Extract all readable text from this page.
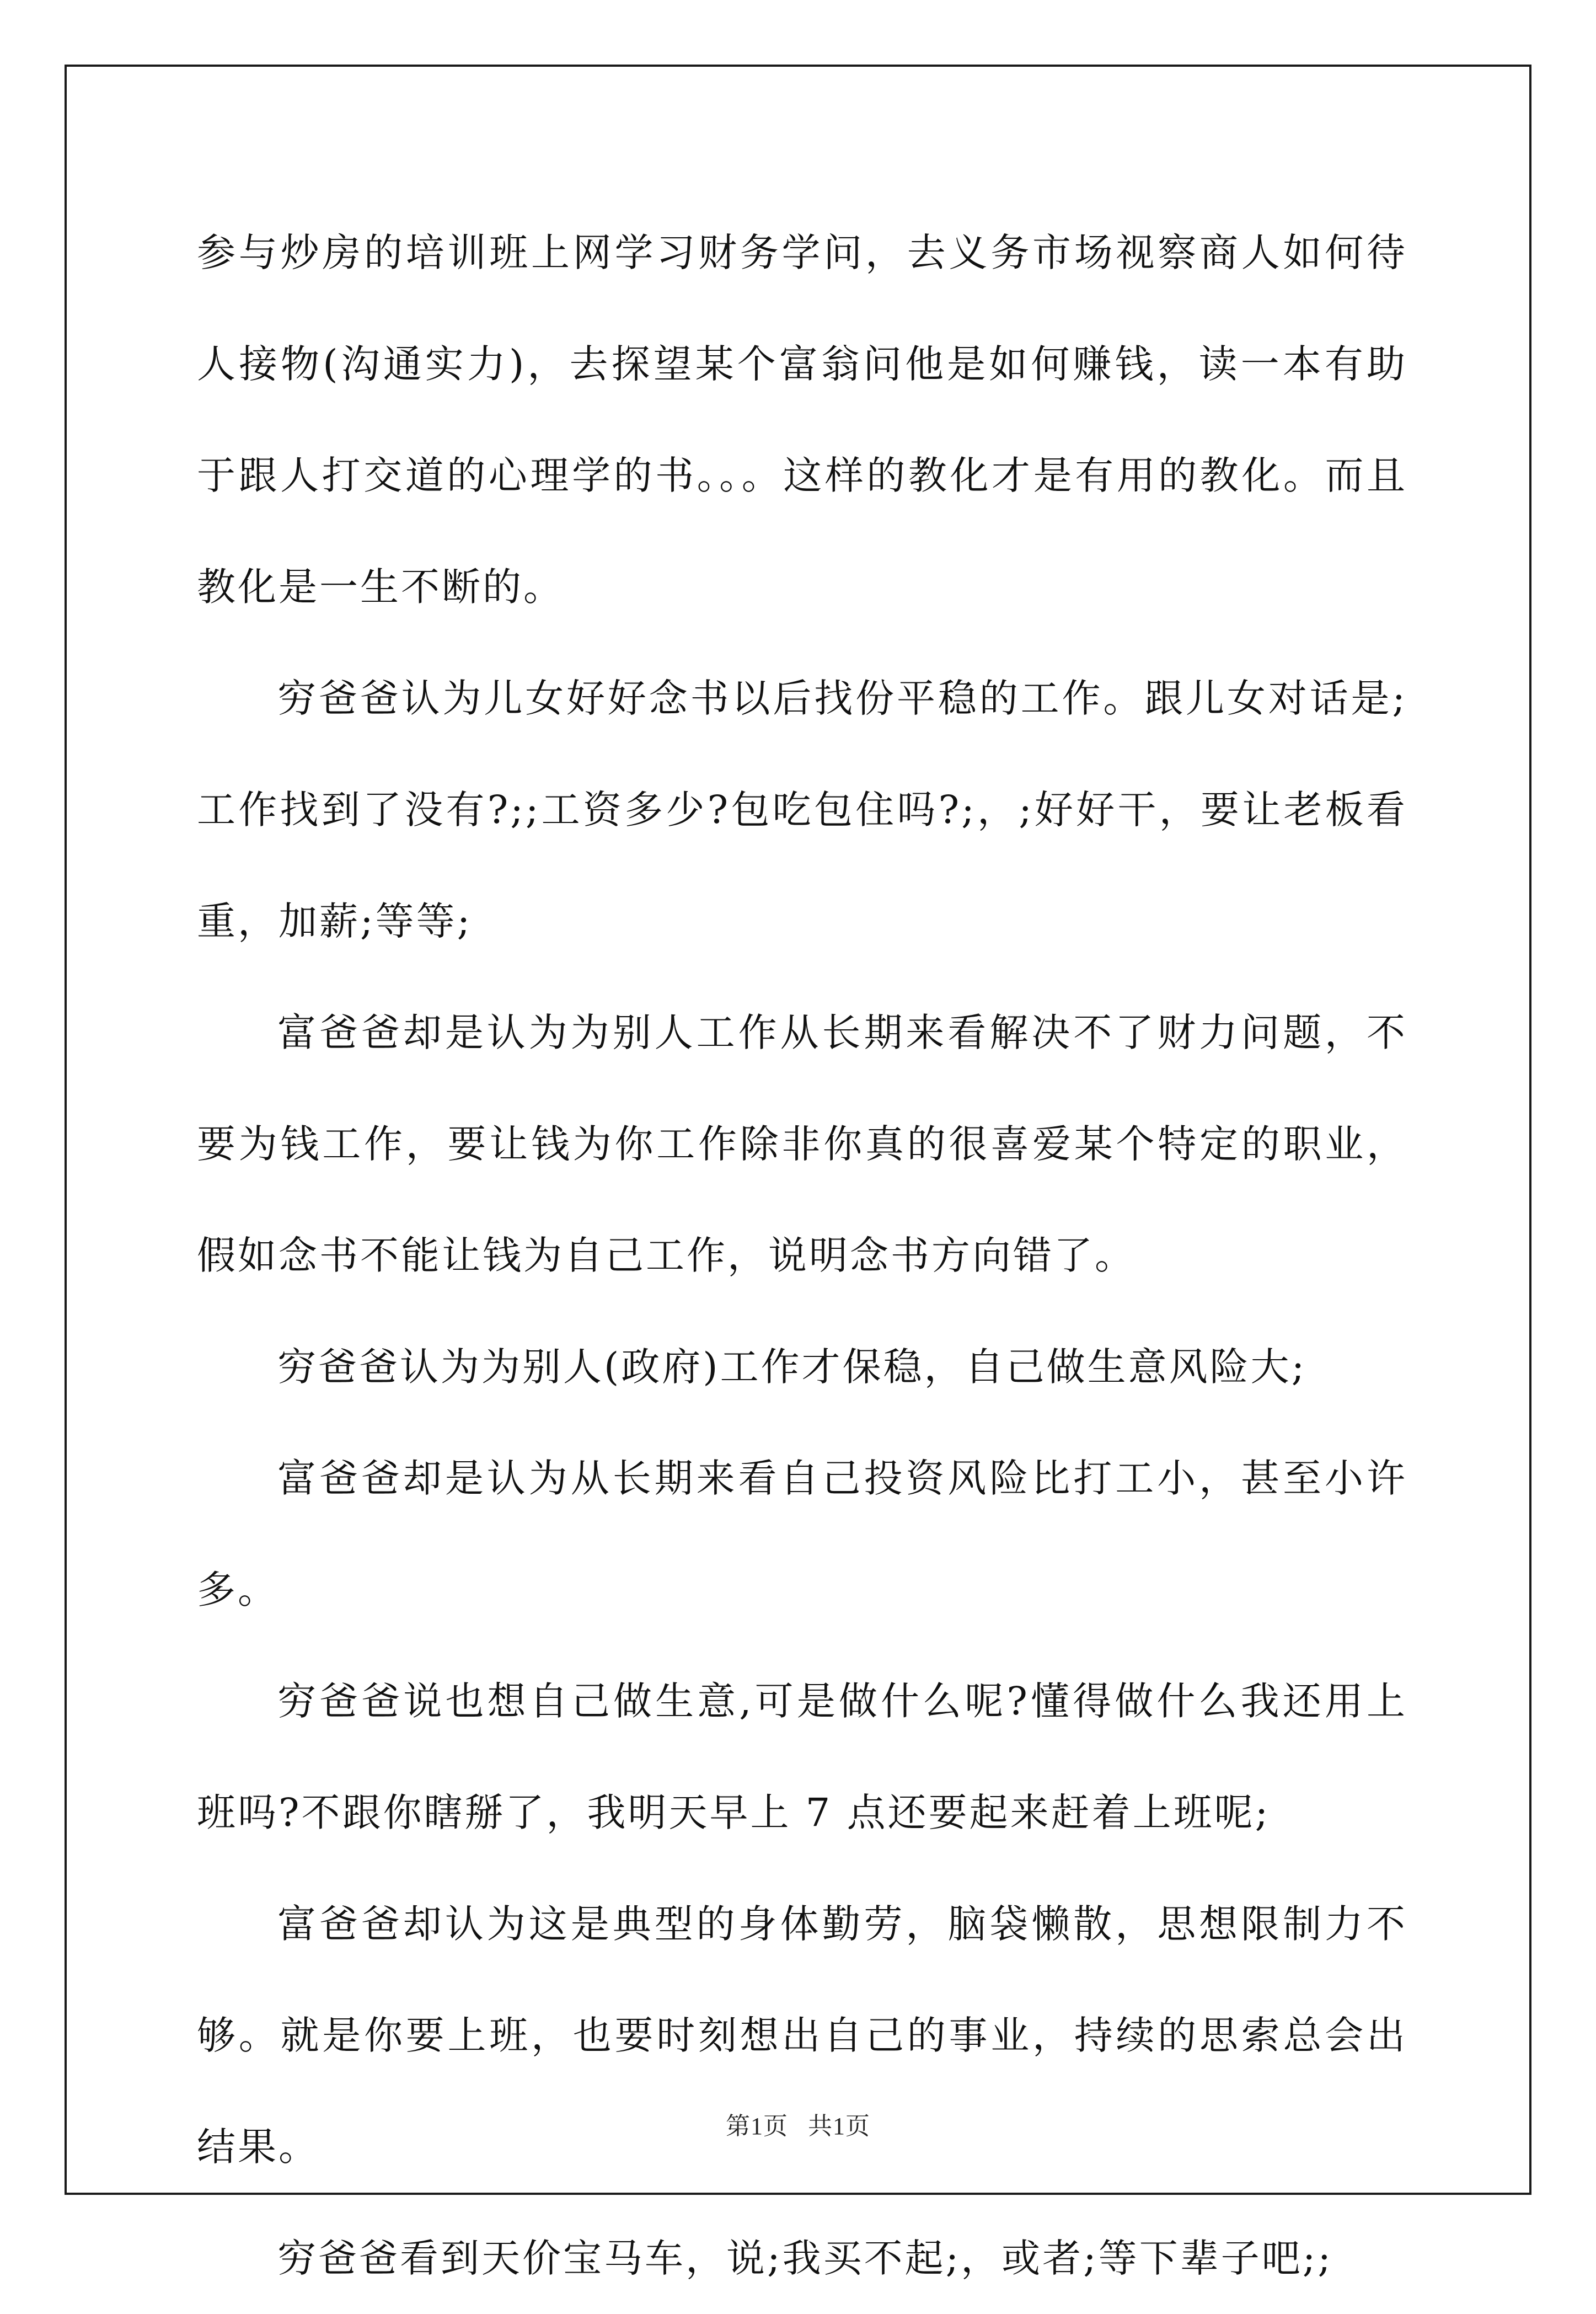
参与炒房的培训班上网学习财务学问，去义务市场视察商人如何待人接物(沟通实力)，去探望某个富翁问他是如何赚钱，读一本有助于跟人打交道的心理学的书。。。这样的教化才是有用的教化。而且教化是一生不断的。

穷爸爸认为儿女好好念书以后找份平稳的工作。跟儿女对话是;工作找到了没有?;;工资多少?包吃包住吗?;，;好好干，要让老板看重，加薪;等等;

富爸爸却是认为为别人工作从长期来看解决不了财力问题，不要为钱工作，要让钱为你工作除非你真的很喜爱某个特定的职业，假如念书不能让钱为自己工作，说明念书方向错了。

穷爸爸认为为别人(政府)工作才保稳，自己做生意风险大;

富爸爸却是认为从长期来看自己投资风险比打工小，甚至小许多。

穷爸爸说也想自己做生意,可是做什么呢?懂得做什么我还用上班吗?不跟你瞎掰了，我明天早上 7 点还要起来赶着上班呢;

富爸爸却认为这是典型的身体勤劳，脑袋懒散，思想限制力不够。就是你要上班，也要时刻想出自己的事业，持续的思索总会出结果。

穷爸爸看到天价宝马车，说;我买不起;，或者;等下辈子吧;;

第1页 共1页
